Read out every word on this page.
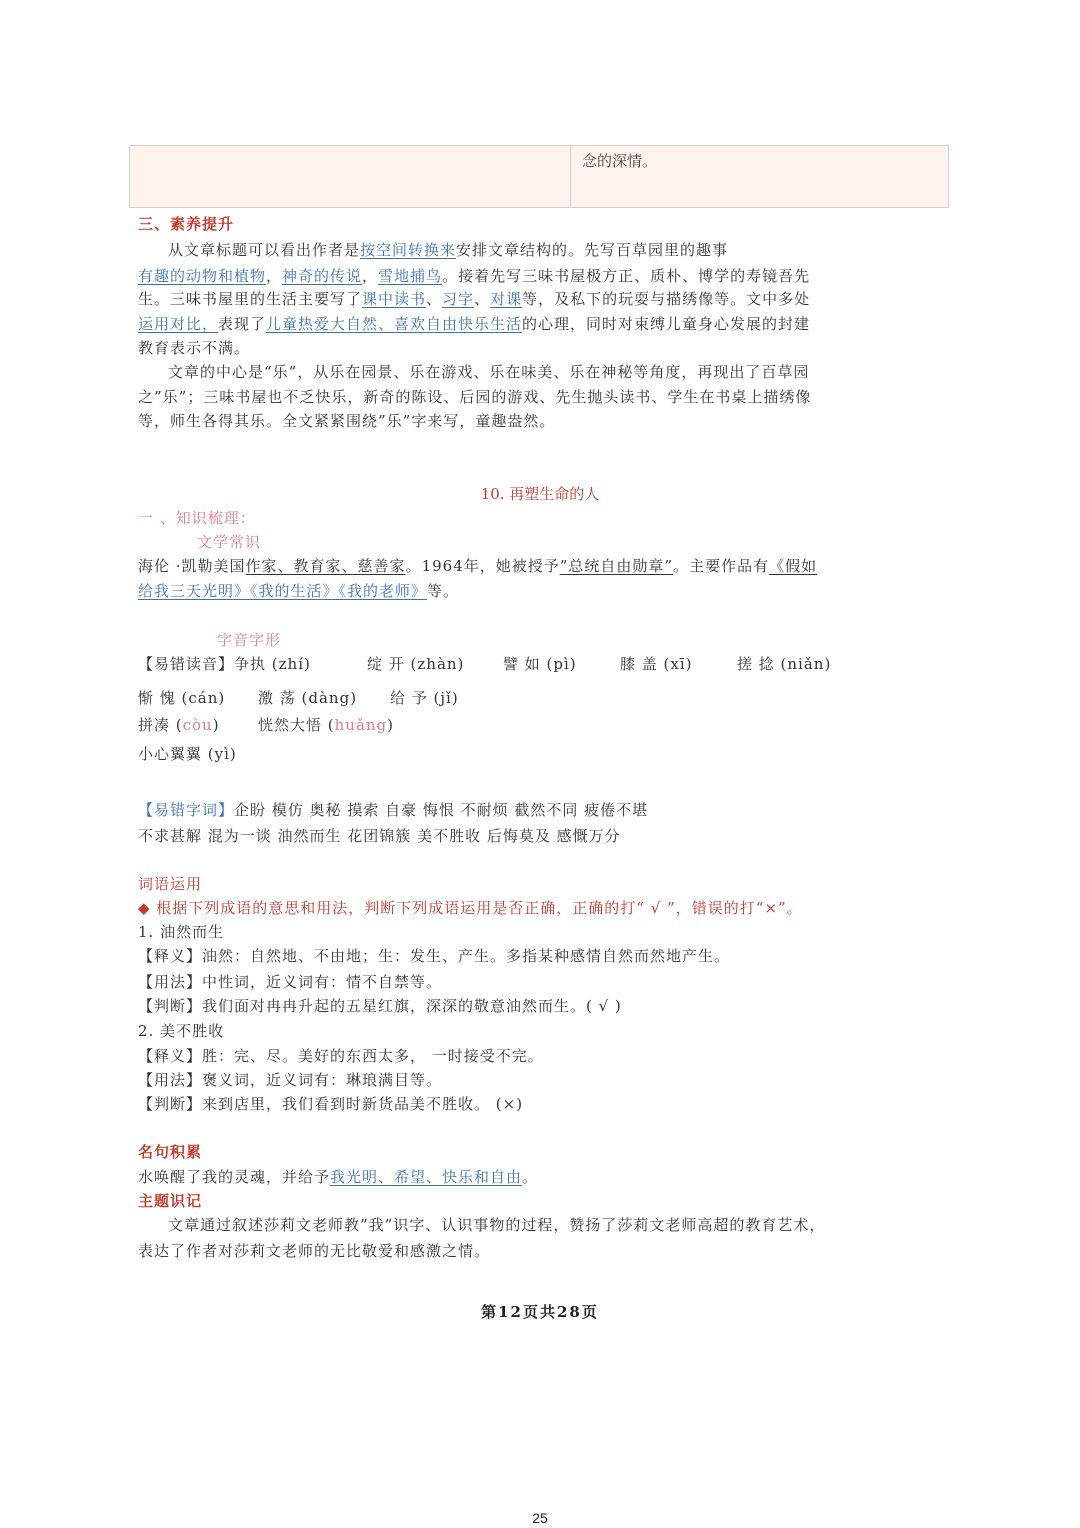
念的深情。
三、素养提升
从文章标题可以看出作者是按空间转换来安排文章结构的。先写百草园里的趣事
有趣的动物和植物，神奇的传说，雪地捕鸟。接着先写三味书屋极方正、质朴、博学的寿镜吾先
生。三味书屋里的生活主要写了课中读书、习字、对课等，及私下的玩耍与描绣像等。文中多处
运用对比，表现了儿童热爱大自然、喜欢自由快乐生活的心理，同时对束缚儿童身心发展的封建
教育表示不满。
文章的中心是“乐”，从乐在园景、乐在游戏、乐在味美、乐在神秘等角度，再现出了百草园
之”乐”；三味书屋也不乏快乐，新奇的陈设、后园的游戏、先生抛头读书、学生在书桌上描绣像
等，师生各得其乐。全文紧紧围绕”乐”字来写，童趣盎然。
10. 再塑生命的人
一 、知识梳理：
文学常识
海伦 ·凯勒美国作家、教育家、慈善家。1964年，她被授予”总统自由勋章”。主要作品有《假如
给我三天光明》《我的生活》《我的老师》等。
字音字形
【易错读音】争执 (zhí)	绽 开 (zhàn)	譬 如 (pì)	膝 盖 (xī)	搓 捻 (niǎn)
惭 愧 (cán) 激 荡 (dàng) 给 予 (jǐ)
拼凑 (còu)	恍然大悟 (huǎng)
小心翼翼 (yì)
【易错字词】企盼 模仿 奥秘 摸索 自豪 悔恨 不耐烦 截然不同 疲倦不堪
不求甚解 混为一谈 油然而生 花团锦簇 美不胜收 后悔莫及 感慨万分
词语运用
◆ 根据下列成语的意思和用法，判断下列成语运用是否正确，正确的打“ √ ”，错误的打“×”。
1. 油然而生
【释义】油然：自然地、不由地；生：发生、产生。多指某种感情自然而然地产生。
【用法】中性词，近义词有：情不自禁等。
【判断】我们面对冉冉升起的五星红旗，深深的敬意油然而生。( √ )
2. 美不胜收
【释义】胜：完、尽。美好的东西太多， 一时接受不完。
【用法】褒义词，近义词有：琳琅满目等。
【判断】来到店里，我们看到时新货品美不胜收。 (×)
名句积累
水唤醒了我的灵魂，并给予我光明、希望、快乐和自由。
主题识记
文章通过叙述莎莉文老师教”我”识字、认识事物的过程，赞扬了莎莉文老师高超的教育艺术，
表达了作者对莎莉文老师的无比敬爱和感激之情。
第12页共28页
25
